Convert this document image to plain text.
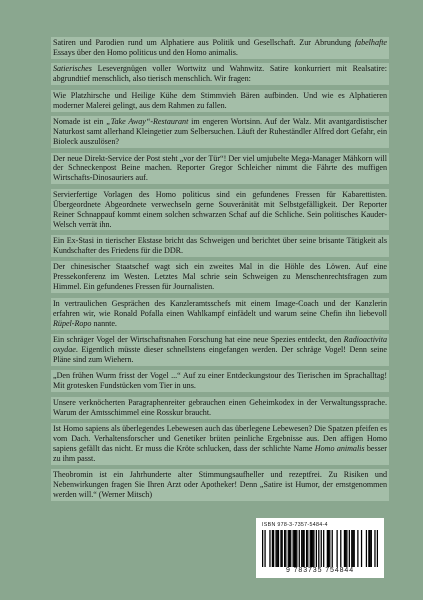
Satiren und Parodien rund um Alphatiere aus Politik und Gesellschaft. Zur Abrundung fabelhafte Essays über den Homo politicus und den Homo animalis.

Satierisches Lesevergnügen voller Wortwitz und Wahnwitz. Satire konkurriert mit Realsatire: abgrundtief menschlich, also tierisch menschlich. Wir fragen:

Wie Platzhirsche und Heilige Kühe dem Stimmvieh Bären aufbinden. Und wie es Alphatieren moderner Malerei gelingt, aus dem Rahmen zu fallen.

Nomade ist ein „Take Away“-Restaurant im engeren Wortsinn. Auf der Walz. Mit avantgardistischer Naturkost samt allerhand Kleingetier zum Selbersuchen. Läuft der Ruheständler Alfred dort Gefahr, ein Bioleck auszulösen?

Der neue Direkt-Service der Post steht „vor der Tür“! Der viel umjubelte Mega-Manager Mähkorn will der Schneckenpost Beine machen. Reporter Gregor Schleicher nimmt die Fährte des muffigen Wirtschafts-Dinosauriers auf.

Servierfertige Vorlagen des Homo politicus sind ein gefundenes Fressen für Kabarettisten. Übergeordnete Abgeordnete verwechseln gerne Souveränität mit Selbstgefälligkeit. Der Reporter Reiner Schnappauf kommt einem solchen schwarzen Schaf auf die Schliche. Sein politisches Kauder-Welsch verrät ihn.

Ein Ex-Stasi in tierischer Ekstase bricht das Schweigen und berichtet über seine brisante Tätigkeit als Kundschafter des Friedens für die DDR.

Der chinesischer Staatschef wagt sich ein zweites Mal in die Höhle des Löwen. Auf eine Pressekonferenz im Westen. Letztes Mal schrie sein Schweigen zu Menschenrechtsfragen zum Himmel. Ein gefundenes Fressen für Journalisten.

In vertraulichen Gesprächen des Kanzleramtsschefs mit einem Image-Coach und der Kanzlerin erfahren wir, wie Ronald Pofalla einen Wahlkampf einfädelt und warum seine Chefin ihn liebevoll Rüpel-Ropo nannte.

Ein schräger Vogel der Wirtschaftsnahen Forschung hat eine neue Spezies entdeckt, den Radioactivita oxydae. Eigentlich müsste dieser schnellstens eingefangen werden. Der schräge Vogel! Denn seine Pläne sind zum Wiehern.

„Den frühen Wurm frisst der Vogel ...“ Auf zu einer Entdeckungstour des Tierischen im Sprachalltag! Mit grotesken Fundstücken vom Tier in uns.

Unsere verknöcherten Paragraphenreiter gebrauchen einen Geheimkodex in der Verwaltungssprache. Warum der Amtsschimmel eine Rosskur braucht.

Ist Homo sapiens als überlegendes Lebewesen auch das überlegene Lebewesen? Die Spatzen pfeifen es vom Dach. Verhaltensforscher und Genetiker brüten peinliche Ergebnisse aus. Den affigen Homo sapiens gefällt das nicht. Er muss die Kröte schlucken, dass der schlichte Name Homo animalis besser zu ihm passt.

Theobromin ist ein Jahrhunderte alter Stimmungsaufheller und rezeptfrei. Zu Risiken und Nebenwirkungen fragen Sie Ihren Arzt oder Apotheker! Denn „Satire ist Humor, der ernstgenommen werden will.“ (Werner Mitsch)

ISBN 978-3-7357-5484-4
9 783735 754844
